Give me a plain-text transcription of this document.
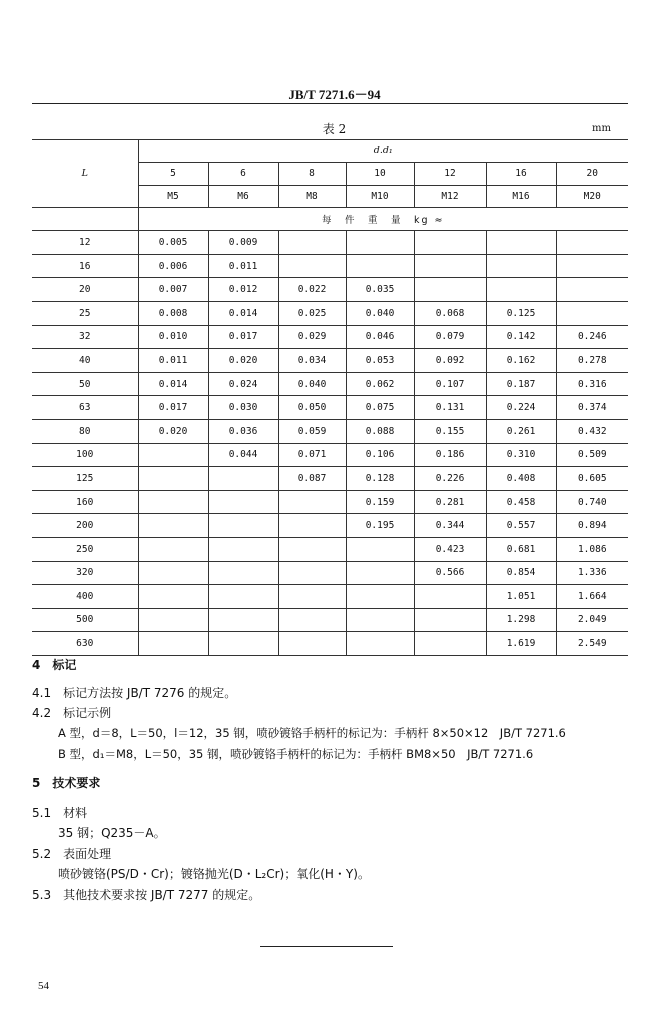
JB/T 7271.6－94
表 2	mm
L	d.d₁						
	5	6	8	10	12	16	20
	M5	M6	M8	M10	M12	M16	M20
	每　件　重　量　kg ≈						
12	0.005	0.009					
16	0.006	0.011					
20	0.007	0.012	0.022	0.035			
25	0.008	0.014	0.025	0.040	0.068	0.125	
32	0.010	0.017	0.029	0.046	0.079	0.142	0.246
40	0.011	0.020	0.034	0.053	0.092	0.162	0.278
50	0.014	0.024	0.040	0.062	0.107	0.187	0.316
63	0.017	0.030	0.050	0.075	0.131	0.224	0.374
80	0.020	0.036	0.059	0.088	0.155	0.261	0.432
100		0.044	0.071	0.106	0.186	0.310	0.509
125			0.087	0.128	0.226	0.408	0.605
160				0.159	0.281	0.458	0.740
200				0.195	0.344	0.557	0.894
250					0.423	0.681	1.086
320					0.566	0.854	1.336
400						1.051	1.664
500						1.298	2.049
630						1.619	2.549
4　标记
4.1　标记方法按 JB/T 7276 的规定。
4.2　标记示例
A 型，d＝8，L＝50，l＝12，35 钢，喷砂镀铬手柄杆的标记为：手柄杆 8×50×12　JB/T 7271.6
B 型，d₁＝M8，L＝50，35 钢，喷砂镀铬手柄杆的标记为：手柄杆 BM8×50　JB/T 7271.6
5　技术要求
5.1　材料
35 钢；Q235－A。
5.2　表面处理
喷砂镀铬(PS/D・Cr)；镀铬抛光(D・L₂Cr)；氧化(H・Y)。
5.3　其他技术要求按 JB/T 7277 的规定。
54
